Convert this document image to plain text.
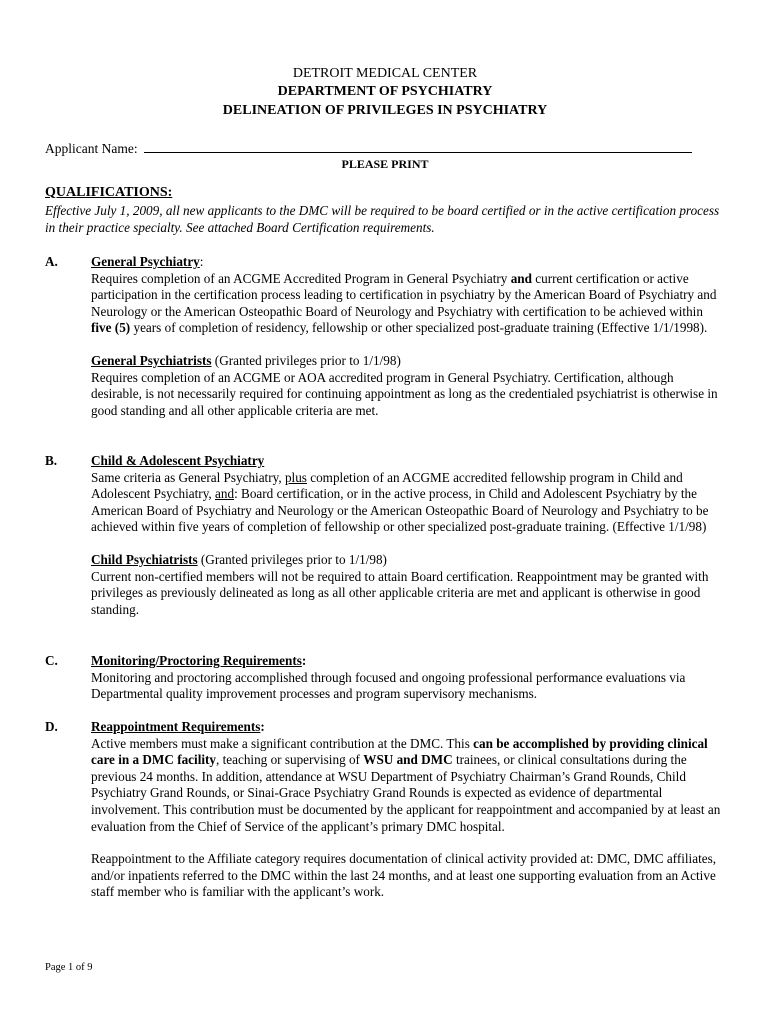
DETROIT MEDICAL CENTER
DEPARTMENT OF PSYCHIATRY
DELINEATION OF PRIVILEGES IN PSYCHIATRY
Applicant Name:
PLEASE PRINT
QUALIFICATIONS:
Effective July 1, 2009, all new applicants to the DMC will be required to be board certified or in the active certification process in their practice specialty. See attached Board Certification requirements.
A.	General Psychiatry:

Requires completion of an ACGME Accredited Program in General Psychiatry and current certification or active participation in the certification process leading to certification in psychiatry by the American Board of Psychiatry and Neurology or the American Osteopathic Board of Neurology and Psychiatry with certification to be achieved within five (5) years of completion of residency, fellowship or other specialized post-graduate training (Effective 1/1/1998).

General Psychiatrists (Granted privileges prior to 1/1/98)

Requires completion of an ACGME or AOA accredited program in General Psychiatry. Certification, although desirable, is not necessarily required for continuing appointment as long as the credentialed psychiatrist is otherwise in good standing and all other applicable criteria are met.

B.	Child & Adolescent Psychiatry

Same criteria as General Psychiatry, plus completion of an ACGME accredited fellowship program in Child and Adolescent Psychiatry, and: Board certification, or in the active process, in Child and Adolescent Psychiatry by the American Board of Psychiatry and Neurology or the American Osteopathic Board of Neurology and Psychiatry to be achieved within five years of completion of fellowship or other specialized post-graduate training. (Effective 1/1/98)

Child Psychiatrists (Granted privileges prior to 1/1/98)

Current non-certified members will not be required to attain Board certification. Reappointment may be granted with privileges as previously delineated as long as all other applicable criteria are met and applicant is otherwise in good standing.

C.	Monitoring/Proctoring Requirements:

Monitoring and proctoring accomplished through focused and ongoing professional performance evaluations via Departmental quality improvement processes and program supervisory mechanisms.

D.	Reappointment Requirements:

Active members must make a significant contribution at the DMC. This can be accomplished by providing clinical care in a DMC facility, teaching or supervising of WSU and DMC trainees, or clinical consultations during the previous 24 months. In addition, attendance at WSU Department of Psychiatry Chairman’s Grand Rounds, Child Psychiatry Grand Rounds, or Sinai-Grace Psychiatry Grand Rounds is expected as evidence of departmental involvement. This contribution must be documented by the applicant for reappointment and accompanied by at least an evaluation from the Chief of Service of the applicant’s primary DMC hospital.

Reappointment to the Affiliate category requires documentation of clinical activity provided at: DMC, DMC affiliates, and/or inpatients referred to the DMC within the last 24 months, and at least one supporting evaluation from an Active staff member who is familiar with the applicant’s work.

Page 1 of 9
